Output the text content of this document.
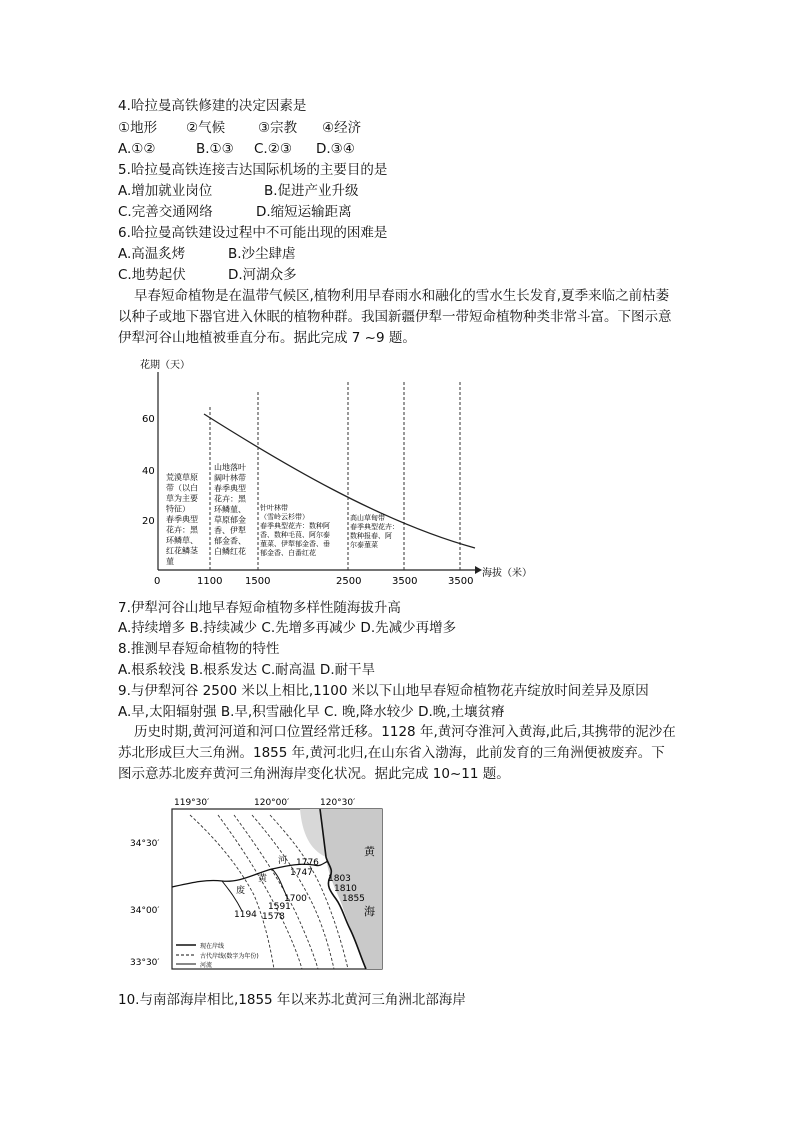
4.哈拉曼高铁修建的决定因素是
①地形 ②气候 ③宗教 ④经济
A.①②	B.①③ C.②③ D.③④
5.哈拉曼高铁连接吉达国际机场的主要目的是
A.增加就业岗位	B.促进产业升级
C.完善交通网络	D.缩短运输距离
6.哈拉曼高铁建设过程中不可能出现的困难是
A.高温炙烤	B.沙尘肆虐
C.地势起伏	D.河湖众多
早春短命植物是在温带气候区,植物利用早春雨水和融化的雪水生长发育,夏季来临之前枯萎以种子或地下器官进入休眠的植物种群。我国新疆伊犁一带短命植物种类非常斗富。下图示意伊犁河谷山地植被垂直分布。据此完成 7 ~9 题。
花期（天）
海拔（米）
20
40
60
0	1100 1500	2500	3500	3500
荒漠草原
带（以白
草为主要
特征）
春季典型
花卉：黑
环鳞草、
红花鳞茎
菫
山地落叶
阔叶林带
春季典型
花卉：黑
环鳞菫、
草原郁金
香、伊犁
郁金香、
白鳞红花
针叶林带
（雪岭云杉带）
春季典型花卉：数种阿
香、数种毛茛、阿尔泰
菫菜、伊犁郁金香、垂
郁金香、白番红花
高山草甸带
春季典型花卉：
数种报春、阿
尔泰菫菜
7.伊犁河谷山地早春短命植物多样性随海拔升高
A.持续增多 B.持续减少 C.先增多再减少 D.先减少再增多
8.推测早春短命植物的特性
A.根系较浅 B.根系发达 C.耐高温 D.耐干旱
9.与伊犁河谷 2500 米以上相比,1100 米以下山地早春短命植物花卉绽放时间差异及原因
A.早,太阳辐射强 B.早,积雪融化早 C. 晚,降水较少 D.晚,土壤贫瘠
历史时期,黄河河道和河口位置经常迁移。1128 年,黄河夺淮河入黄海,此后,其携带的泥沙在苏北形成巨大三角洲。1855 年,黄河北归,在山东省入渤海，此前发育的三角洲便被废弃。下图示意苏北废弃黄河三角洲海岸变化状况。据此完成 10~11 题。
119°30′	120°00′	120°30′
34°30′
34°00′
33°30′
黄
海
黄
废
河 1776
1747
1803
1810
1855
1700
1591
1578
1194
现在岸线
古代岸线(数字为年份)
河流
10.与南部海岸相比,1855 年以来苏北黄河三角洲北部海岸
